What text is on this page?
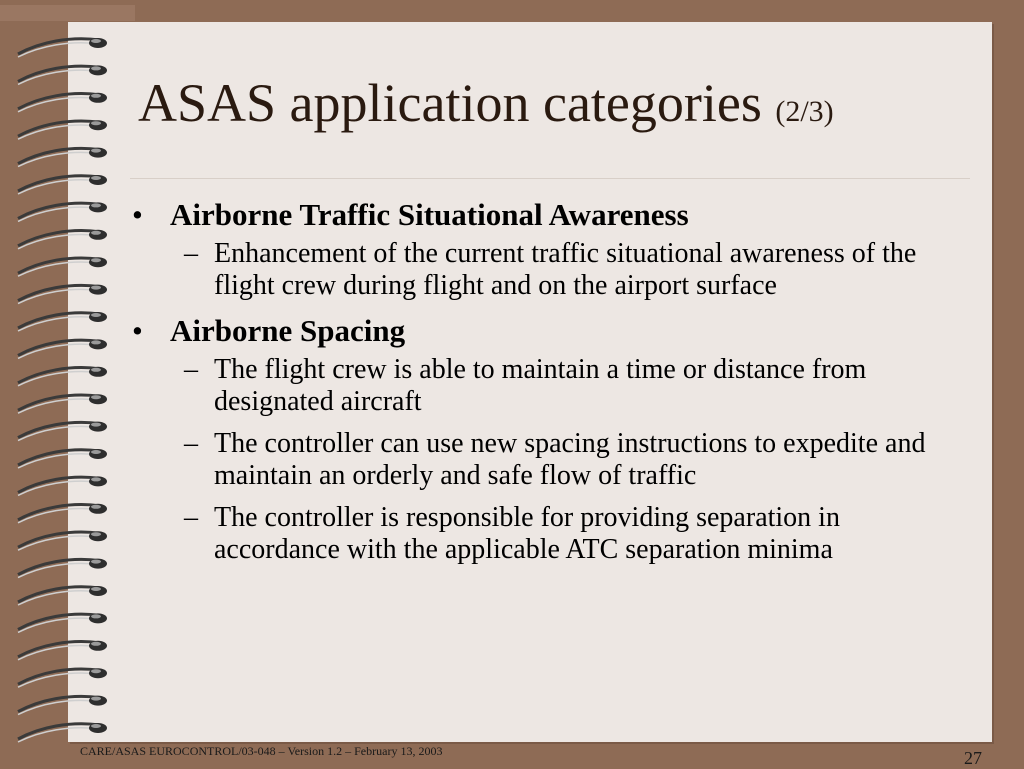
ASAS application categories (2/3)
• Airborne Traffic Situational Awareness
– Enhancement of the current traffic situational awareness of the flight crew during flight and on the airport surface
• Airborne Spacing
– The flight crew is able to maintain a time or distance from designated aircraft
– The controller can use new spacing instructions to expedite and maintain an orderly and safe flow of traffic
– The controller is responsible for providing separation in accordance with the applicable ATC separation minima
CARE/ASAS EUROCONTROL/03-048 – Version 1.2 – February 13, 2003	27
